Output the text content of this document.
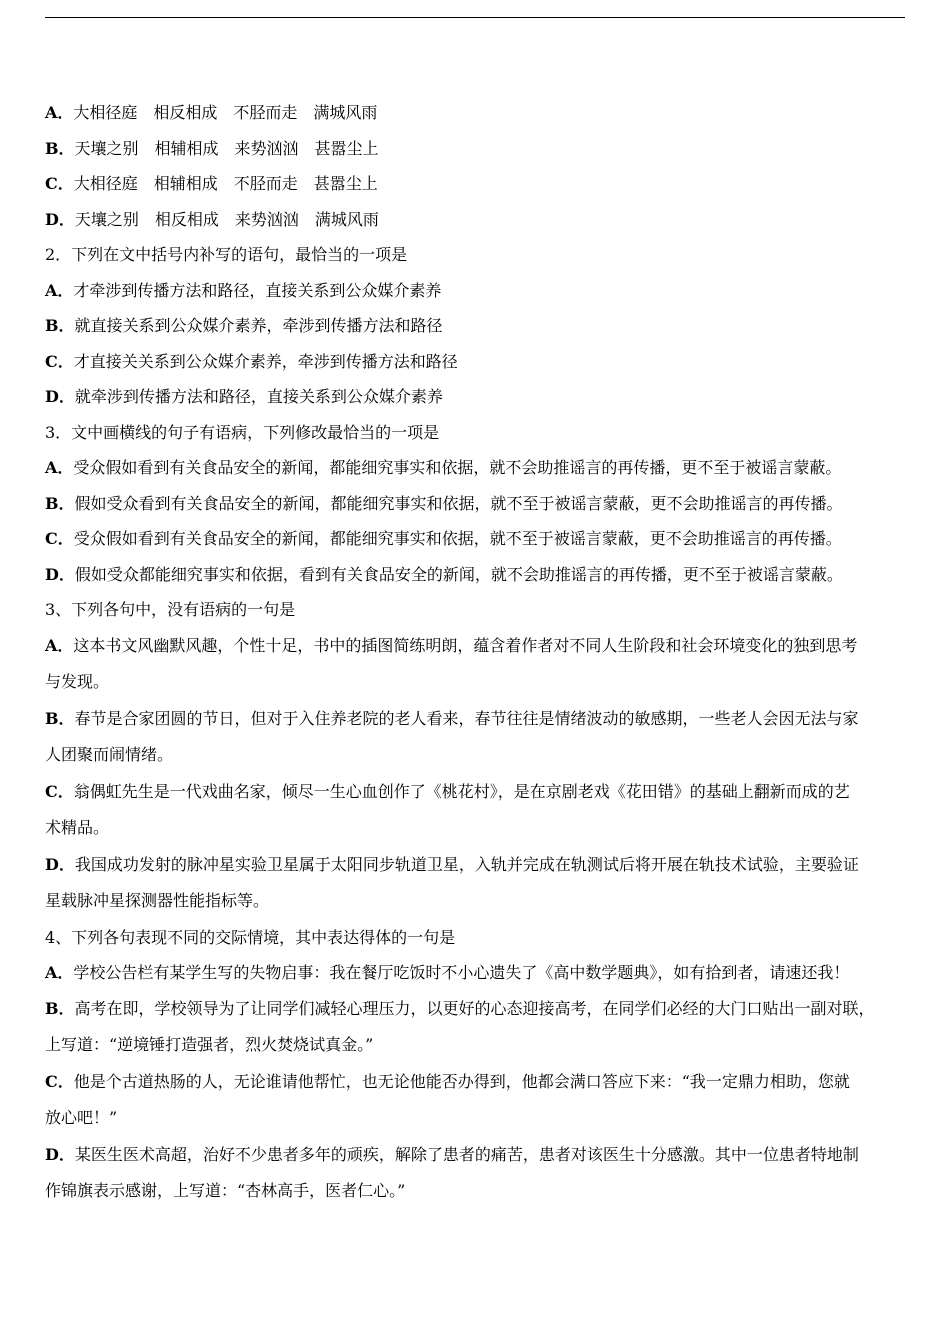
A．大相径庭　相反相成　不胫而走　满城风雨
B．天壤之别　相辅相成　来势汹汹　甚嚣尘上
C．大相径庭　相辅相成　不胫而走　甚嚣尘上
D．天壤之别　相反相成　来势汹汹　满城风雨
2．下列在文中括号内补写的语句，最恰当的一项是
A．才牵涉到传播方法和路径，直接关系到公众媒介素养
B．就直接关系到公众媒介素养，牵涉到传播方法和路径
C．才直接关关系到公众媒介素养，牵涉到传播方法和路径
D．就牵涉到传播方法和路径，直接关系到公众媒介素养
3．文中画横线的句子有语病，下列修改最恰当的一项是
A．受众假如看到有关食品安全的新闻，都能细究事实和依据，就不会助推谣言的再传播，更不至于被谣言蒙蔽。
B．假如受众看到有关食品安全的新闻，都能细究事实和依据，就不至于被谣言蒙蔽，更不会助推谣言的再传播。
C．受众假如看到有关食品安全的新闻，都能细究事实和依据，就不至于被谣言蒙蔽，更不会助推谣言的再传播。
D．假如受众都能细究事实和依据，看到有关食品安全的新闻，就不会助推谣言的再传播，更不至于被谣言蒙蔽。
3、下列各句中，没有语病的一句是
A．这本书文风幽默风趣，个性十足，书中的插图简练明朗，蕴含着作者对不同人生阶段和社会环境变化的独到思考
与发现。
B．春节是合家团圆的节日，但对于入住养老院的老人看来，春节往往是情绪波动的敏感期，一些老人会因无法与家
人团聚而闹情绪。
C．翁偶虹先生是一代戏曲名家，倾尽一生心血创作了《桃花村》，是在京剧老戏《花田错》的基础上翻新而成的艺
术精品。
D．我国成功发射的脉冲星实验卫星属于太阳同步轨道卫星，入轨并完成在轨测试后将开展在轨技术试验，主要验证
星载脉冲星探测器性能指标等。
4、下列各句表现不同的交际情境，其中表达得体的一句是
A．学校公告栏有某学生写的失物启事：我在餐厅吃饭时不小心遗失了《高中数学题典》，如有拾到者，请速还我！
B．高考在即，学校领导为了让同学们减轻心理压力，以更好的心态迎接高考，在同学们必经的大门口贴出一副对联，
上写道：“逆境锤打造强者，烈火焚烧试真金。”
C．他是个古道热肠的人，无论谁请他帮忙，也无论他能否办得到，他都会满口答应下来：“我一定鼎力相助，您就
放心吧！”
D．某医生医术高超，治好不少患者多年的顽疾，解除了患者的痛苦，患者对该医生十分感激。其中一位患者特地制
作锦旗表示感谢，上写道：“杏林高手，医者仁心。”
